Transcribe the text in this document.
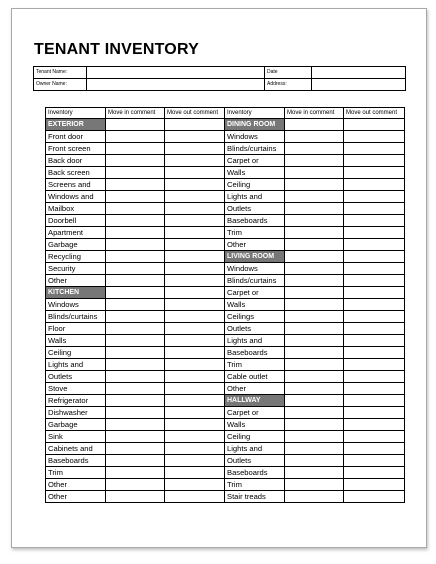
TENANT INVENTORY
Tenant Name:		Date	
Owner Name:		Address:	
Inventory	Move in comment	Move out comment	Inventory	Move in comment	Move out comment
EXTERIOR			DINING ROOM		
Front door			Windows		
Front screen			Blinds/curtains		
Back door			Carpet or		
Back screen			Walls		
Screens and			Ceiling		
Windows and			Lights and		
Mailbox			Outlets		
Doorbell			Baseboards		
Apartment			Trim		
Garbage			Other		
Recycling			LIVING ROOM		
Security			Windows		
Other			Blinds/curtains		
KITCHEN			Carpet or		
Windows			Walls		
Blinds/curtains			Ceilings		
Floor			Outlets		
Walls			Lights and		
Ceiling			Baseboards		
Lights and			Trim		
Outlets			Cable outlet		
Stove			Other		
Refrigerator			HALLWAY		
Dishwasher			Carpet or		
Garbage			Walls		
Sink			Ceiling		
Cabinets and			Lights and		
Baseboards			Outlets		
Trim			Baseboards		
Other			Trim		
Other			Stair treads		
